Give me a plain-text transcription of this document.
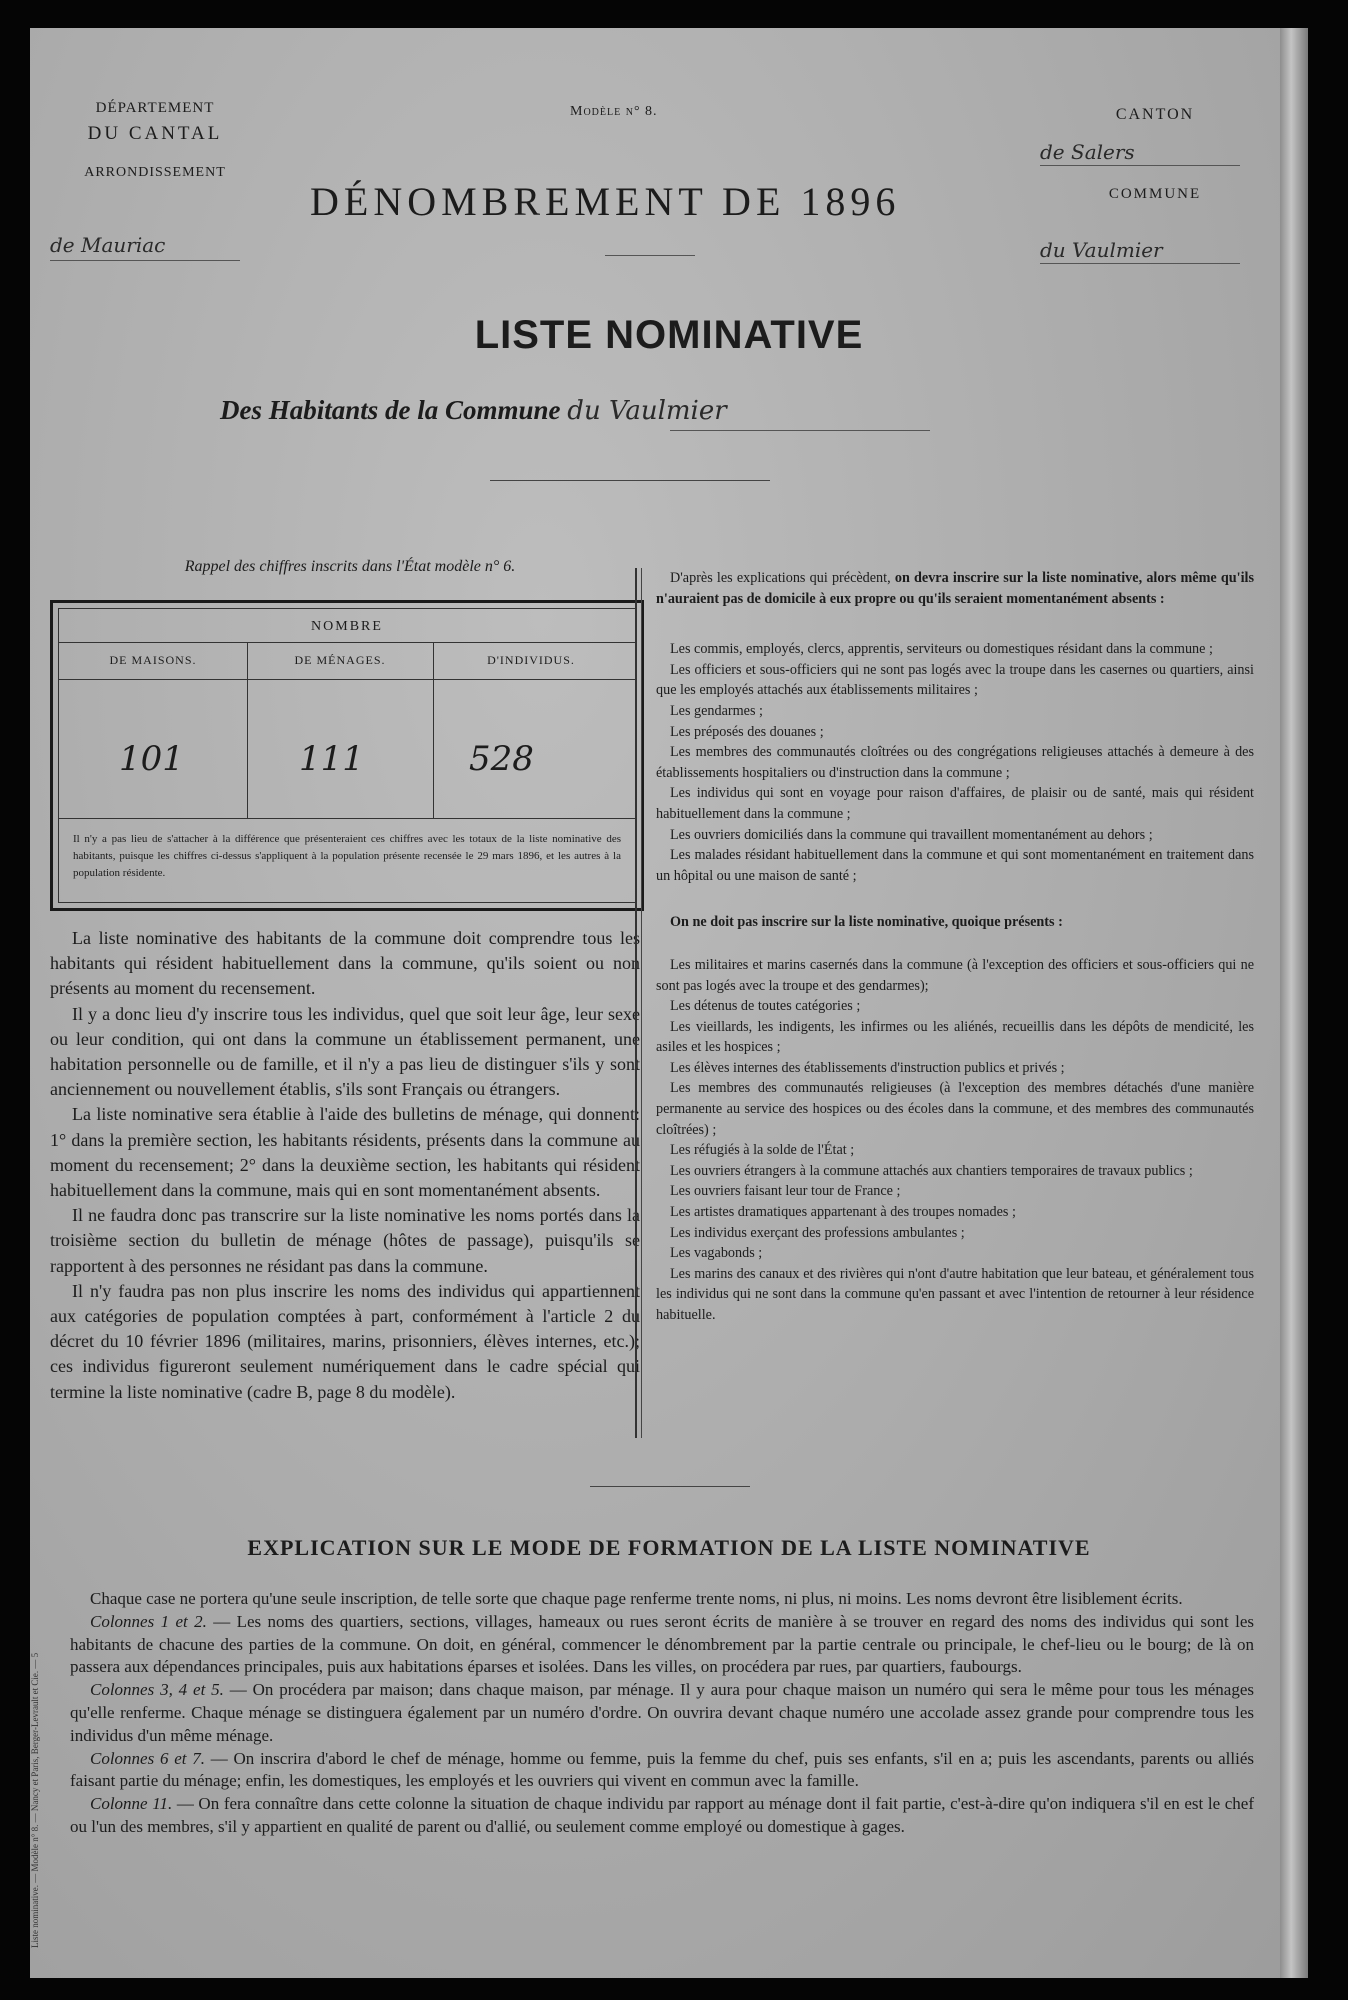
DÉPARTEMENT
DU CANTAL
ARRONDISSEMENT
de Mauriac
Modèle n° 8.
DÉNOMBREMENT DE 1896
CANTON
COMMUNE
de Salers
du Vaulmier
LISTE NOMINATIVE
Des Habitants de la Commune du Vaulmier
Rappel des chiffres inscrits dans l'État modèle n° 6.
NOMBRE
DE MAISONS.	DE MÉNAGES.	D'INDIVIDUS.
101	111	528
Il n'y a pas lieu de s'attacher à la différence que présenteraient ces chiffres avec les totaux de la liste nominative des habitants, puisque les chiffres ci-dessus s'appliquent à la population présente recensée le 29 mars 1896, et les autres à la population résidente.

La liste nominative des habitants de la commune doit comprendre tous les habitants qui résident habituellement dans la commune, qu'ils soient ou non présents au moment du recensement.

Il y a donc lieu d'y inscrire tous les individus, quel que soit leur âge, leur sexe ou leur condition, qui ont dans la commune un établissement permanent, une habitation personnelle ou de famille, et il n'y a pas lieu de distinguer s'ils y sont anciennement ou nouvellement établis, s'ils sont Français ou étrangers.

La liste nominative sera établie à l'aide des bulletins de ménage, qui donnent: 1° dans la première section, les habitants résidents, présents dans la commune au moment du recensement; 2° dans la deuxième section, les habitants qui résident habituellement dans la commune, mais qui en sont momentanément absents.

Il ne faudra donc pas transcrire sur la liste nominative les noms portés dans la troisième section du bulletin de ménage (hôtes de passage), puisqu'ils se rapportent à des personnes ne résidant pas dans la commune.

Il n'y faudra pas non plus inscrire les noms des individus qui appartiennent aux catégories de population comptées à part, conformément à l'article 2 du décret du 10 février 1896 (militaires, marins, prisonniers, élèves internes, etc.); ces individus figureront seulement numériquement dans le cadre spécial qui termine la liste nominative (cadre B, page 8 du modèle).

D'après les explications qui précèdent, on devra inscrire sur la liste nominative, alors même qu'ils n'auraient pas de domicile à eux propre ou qu'ils seraient momentanément absents :

Les commis, employés, clercs, apprentis, serviteurs ou domestiques résidant dans la commune ;

Les officiers et sous-officiers qui ne sont pas logés avec la troupe dans les casernes ou quartiers, ainsi que les employés attachés aux établissements militaires ;

Les gendarmes ;

Les préposés des douanes ;

Les membres des communautés cloîtrées ou des congrégations religieuses attachés à demeure à des établissements hospitaliers ou d'instruction dans la commune ;

Les individus qui sont en voyage pour raison d'affaires, de plaisir ou de santé, mais qui résident habituellement dans la commune ;

Les ouvriers domiciliés dans la commune qui travaillent momentanément au dehors ;

Les malades résidant habituellement dans la commune et qui sont momentanément en traitement dans un hôpital ou une maison de santé ;

On ne doit pas inscrire sur la liste nominative, quoique présents :

Les militaires et marins casernés dans la commune (à l'exception des officiers et sous-officiers qui ne sont pas logés avec la troupe et des gendarmes);

Les détenus de toutes catégories ;

Les vieillards, les indigents, les infirmes ou les aliénés, recueillis dans les dépôts de mendicité, les asiles et les hospices ;

Les élèves internes des établissements d'instruction publics et privés ;

Les membres des communautés religieuses (à l'exception des membres détachés d'une manière permanente au service des hospices ou des écoles dans la commune, et des membres des communautés cloîtrées) ;

Les réfugiés à la solde de l'État ;

Les ouvriers étrangers à la commune attachés aux chantiers temporaires de travaux publics ;

Les ouvriers faisant leur tour de France ;

Les artistes dramatiques appartenant à des troupes nomades ;

Les individus exerçant des professions ambulantes ;

Les vagabonds ;

Les marins des canaux et des rivières qui n'ont d'autre habitation que leur bateau, et généralement tous les individus qui ne sont dans la commune qu'en passant et avec l'intention de retourner à leur résidence habituelle.

EXPLICATION SUR LE MODE DE FORMATION DE LA LISTE NOMINATIVE

Chaque case ne portera qu'une seule inscription, de telle sorte que chaque page renferme trente noms, ni plus, ni moins. Les noms devront être lisiblement écrits.

Colonnes 1 et 2. — Les noms des quartiers, sections, villages, hameaux ou rues seront écrits de manière à se trouver en regard des noms des individus qui sont les habitants de chacune des parties de la commune. On doit, en général, commencer le dénombrement par la partie centrale ou principale, le chef-lieu ou le bourg; de là on passera aux dépendances principales, puis aux habitations éparses et isolées. Dans les villes, on procédera par rues, par quartiers, faubourgs.

Colonnes 3, 4 et 5. — On procédera par maison; dans chaque maison, par ménage. Il y aura pour chaque maison un numéro qui sera le même pour tous les ménages qu'elle renferme. Chaque ménage se distinguera également par un numéro d'ordre. On ouvrira devant chaque numéro une accolade assez grande pour comprendre tous les individus d'un même ménage.

Colonnes 6 et 7. — On inscrira d'abord le chef de ménage, homme ou femme, puis la femme du chef, puis ses enfants, s'il en a; puis les ascendants, parents ou alliés faisant partie du ménage; enfin, les domestiques, les employés et les ouvriers qui vivent en commun avec la famille.

Colonne 11. — On fera connaître dans cette colonne la situation de chaque individu par rapport au ménage dont il fait partie, c'est-à-dire qu'on indiquera s'il en est le chef ou l'un des membres, s'il y appartient en qualité de parent ou d'allié, ou seulement comme employé ou domestique à gages.

Liste nominative. — Modèle n° 8. — Nancy et Paris, Berger-Levrault et Cie. — 5
